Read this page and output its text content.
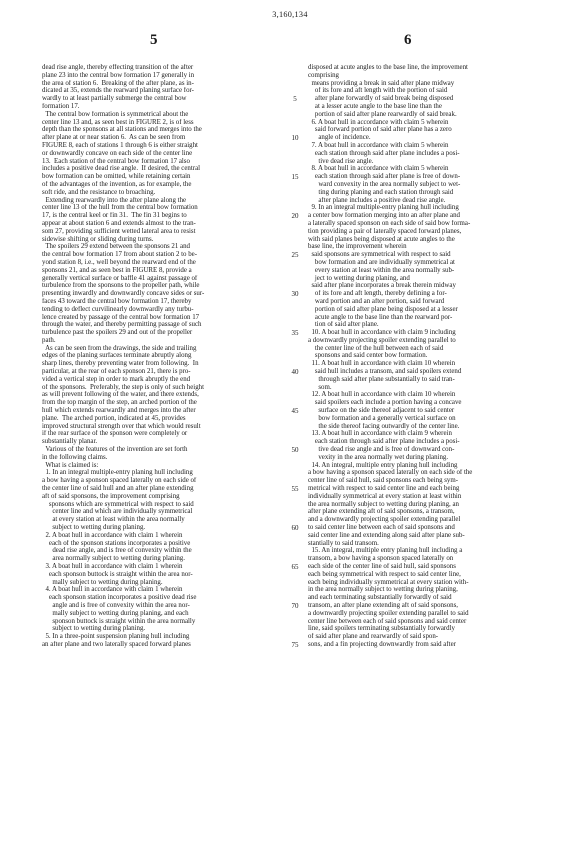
3,160,134
5	6
dead rise angle, thereby effecting transition of the after
plane 23 into the central bow formation 17 generally in
the area of station 6.  Breaking of the after plane, as in-
dicated at 35, extends the rearward planing surface for-
wardly to at least partially submerge the central bow
formation 17.
The central bow formation is symmetrical about the
center line 13 and, as seen best in FIGURE 2, is of less
depth than the sponsons at all stations and merges into the
after plane at or near station 6.  As can be seen from
FIGURE 8, each of stations 1 through 6 is either straight
or downwardly concave on each side of the center line
13.  Each station of the central bow formation 17 also
includes a positive dead rise angle.  If desired, the central
bow formation can be omitted, while retaining certain
of the advantages of the invention, as for example, the
soft ride, and the resistance to broaching.
Extending rearwardly into the after plane along the
center line 13 of the hull from the central bow formation
17, is the central keel or fin 31.  The fin 31 begins to
appear at about station 6 and extends almost to the tran-
som 27, providing sufficient wetted lateral area to resist
sidewise shifting or sliding during turns.
The spoilers 29 extend between the sponsons 21 and
the central bow formation 17 from about station 2 to be-
yond station 8, i.e., well beyond the rearward end of the
sponsons 21, and as seen best in FIGURE 8, provide a
generally vertical surface or baffle 41 against passage of
turbulence from the sponsons to the propeller path, while
presenting inwardly and downwardly concave sides or sur-
faces 43 toward the central bow formation 17, thereby
tending to deflect curvilinearly downwardly any turbu-
lence created by passage of the central bow formation 17
through the water, and thereby permitting passage of such
turbulence past the spoilers 29 and out of the propeller
path.
As can be seen from the drawings, the side and trailing
edges of the planing surfaces terminate abruptly along
sharp lines, thereby preventing water from following.  In
particular, at the rear of each sponson 21, there is pro-
vided a vertical step in order to mark abruptly the end
of the sponsons.  Preferably, the step is only of such height
as will prevent following of the water, and there extends,
from the top margin of the step, an arched portion of the
hull which extends rearwardly and merges into the after
plane.  The arched portion, indicated at 45, provides
improved structural strength over that which would result
if the rear surface of the sponson were completely or
substantially planar.
Various of the features of the invention are set forth
in the following claims.
What is claimed is:
1. In an integral multiple-entry planing hull including
a bow having a sponson spaced laterally on each side of
the center line of said hull and an after plane extending
aft of said sponsons, the improvement comprising
sponsons which are symmetrical with respect to said
center line and which are individually symmetrical
at every station at least within the area normally
subject to wetting during planing.
2. A boat hull in accordance with claim 1 wherein
each of the sponson stations incorporates a positive
dead rise angle, and is free of convexity within the
area normally subject to wetting during planing.
3. A boat hull in accordance with claim 1 wherein
each sponson buttock is straight within the area nor-
mally subject to wetting during planing.
4. A boat hull in accordance with claim 1 wherein
each sponson station incorporates a positive dead rise
angle and is free of convexity within the area nor-
mally subject to wetting during planing, and each
sponson buttock is straight within the area normally
subject to wetting during planing.
5. In a three-point suspension planing hull including
an after plane and two laterally spaced forward planes
5
10
15
20
25
30
35
40
45
50
55
60
65
70
75
disposed at acute angles to the base line, the improvement
comprising
means providing a break in said after plane midway
of its fore and aft length with the portion of said
after plane forwardly of said break being disposed
at a lesser acute angle to the base line than the
portion of said after plane rearwardly of said break.
6. A boat hull in accordance with claim 5 wherein
said forward portion of said after plane has a zero
angle of incidence.
7. A boat hull in accordance with claim 5 wherein
each station through said after plane includes a posi-
tive dead rise angle.
8. A boat hull in accordance with claim 5 wherein
each station through said after plane is free of down-
ward convexity in the area normally subject to wet-
ting during planing and each station through said
after plane includes a positive dead rise angle.
9. In an integral multiple-entry planing hull including
a center bow formation merging into an after plane and
a laterally spaced sponson on each side of said bow forma-
tion providing a pair of laterally spaced forward planes,
with said planes being disposed at acute angles to the
base line, the improvement wherein
said sponsons are symmetrical with respect to said
bow formation and are individually symmetrical at
every station at least within the area normally sub-
ject to wetting during planing, and
said after plane incorporates a break therein midway
of its fore and aft length, thereby defining a for-
ward portion and an after portion, said forward
portion of said after plane being disposed at a lesser
acute angle to the base line than the rearward por-
tion of said after plane.
10. A boat hull in accordance with claim 9 including
a downwardly projecting spoiler extending parallel to
the center line of the hull between each of said
sponsons and said center bow formation.
11. A boat hull in accordance with claim 10 wherein
said hull includes a transom, and said spoilers extend
through said after plane substantially to said tran-
som.
12. A boat hull in accordance with claim 10 wherein
said spoilers each include a portion having a concave
surface on the side thereof adjacent to said center
bow formation and a generally vertical surface on
the side thereof facing outwardly of the center line.
13. A boat hull in accordance with claim 9 wherein
each station through said after plane includes a posi-
tive dead rise angle and is free of downward con-
vexity in the area normally wet during planing.
14. An integral, multiple entry planing hull including
a bow having a sponson spaced laterally on each side of the
center line of said hull, said sponsons each being sym-
metrical with respect to said center line and each being
individually symmetrical at every station at least within
the area normally subject to wetting during planing, an
after plane extending aft of said sponsons, a transom,
and a downwardly projecting spoiler extending parallel
to said center line between each of said sponsons and
said center line and extending along said after plane sub-
stantially to said transom.
15. An integral, multiple entry planing hull including a
transom, a bow having a sponson spaced laterally on
each side of the center line of said hull, said sponsons
each being symmetrical with respect to said center line,
each being individually symmetrical at every station with-
in the area normally subject to wetting during planing,
and each terminating substantially forwardly of said
transom, an after plane extending aft of said sponsons,
a downwardly projecting spoiler extending parallel to said
center line between each of said sponsons and said center
line, said spoilers terminating substantially forwardly
of said after plane and rearwardly of said spon-
sons, and a fin projecting downwardly from said after
